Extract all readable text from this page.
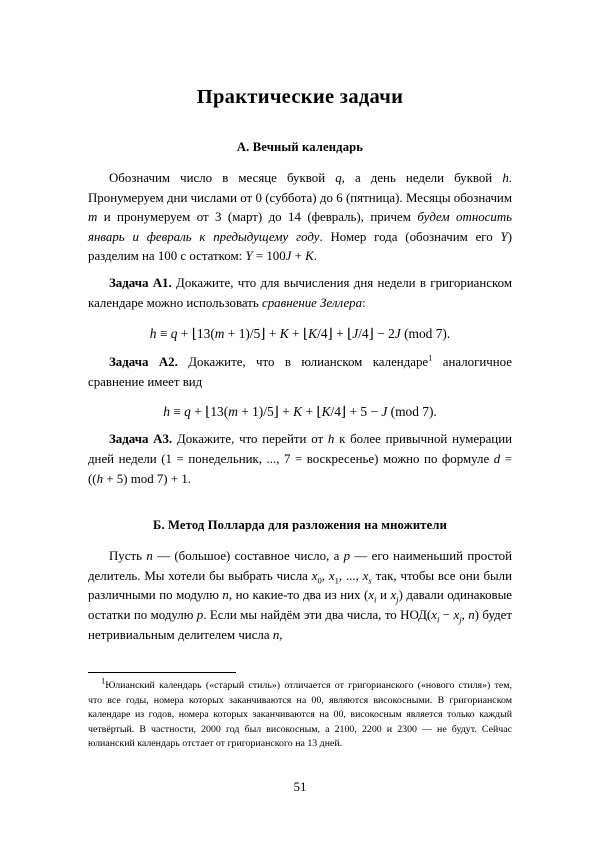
Практические задачи
А. Вечный календарь

Обозначим число в месяце буквой q, а день недели буквой h. Пронумеруем дни числами от 0 (суббота) до 6 (пятница). Месяцы обозначим m и пронумеруем от 3 (март) до 14 (февраль), причем будем относить январь и февраль к предыдущему году. Номер года (обозначим его Y) разделим на 100 с остатком: Y = 100J + K.

Задача A1. Докажите, что для вычисления дня недели в григорианском календаре можно использовать сравнение Зеллера:

h ≡ q + ⌊13(m + 1)/5⌋ + K + ⌊K/4⌋ + ⌊J/4⌋ − 2J (mod 7).

Задача A2. Докажите, что в юлианском календаре$^1$ аналогичное сравнение имеет вид

h ≡ q + ⌊13(m + 1)/5⌋ + K + ⌊K/4⌋ + 5 − J (mod 7).

Задача A3. Докажите, что перейти от h к более привычной нумерации дней недели (1 = понедельник, ..., 7 = воскресенье) можно по формуле d = ((h + 5) mod 7) + 1.

Б. Метод Полларда для разложения на множители

Пусть n — (большое) составное число, а p — его наименьший простой делитель. Мы хотели бы выбрать числа $x_0$, $x_1$, ..., $x_s$ так, чтобы все они были различными по модулю n, но какие-то два из них ($x_i$ и $x_j$) давали одинаковые остатки по модулю p. Если мы найдём эти два числа, то $НОД(x_i - x_j$, n) будет нетривиальным делителем числа n,

$^1$Юлианский календарь («старый стиль») отличается от григорианского («нового стиля») тем, что все годы, номера которых заканчиваются на 00, являются високосными. В григорианском календаре из годов, номера которых заканчиваются на 00, високосным является только каждый четвёртый. В частности, 2000 год был високосным, а 2100, 2200 и 2300 — не будут. Сейчас юлианский календарь отстает от григорианского на 13 дней.

51
